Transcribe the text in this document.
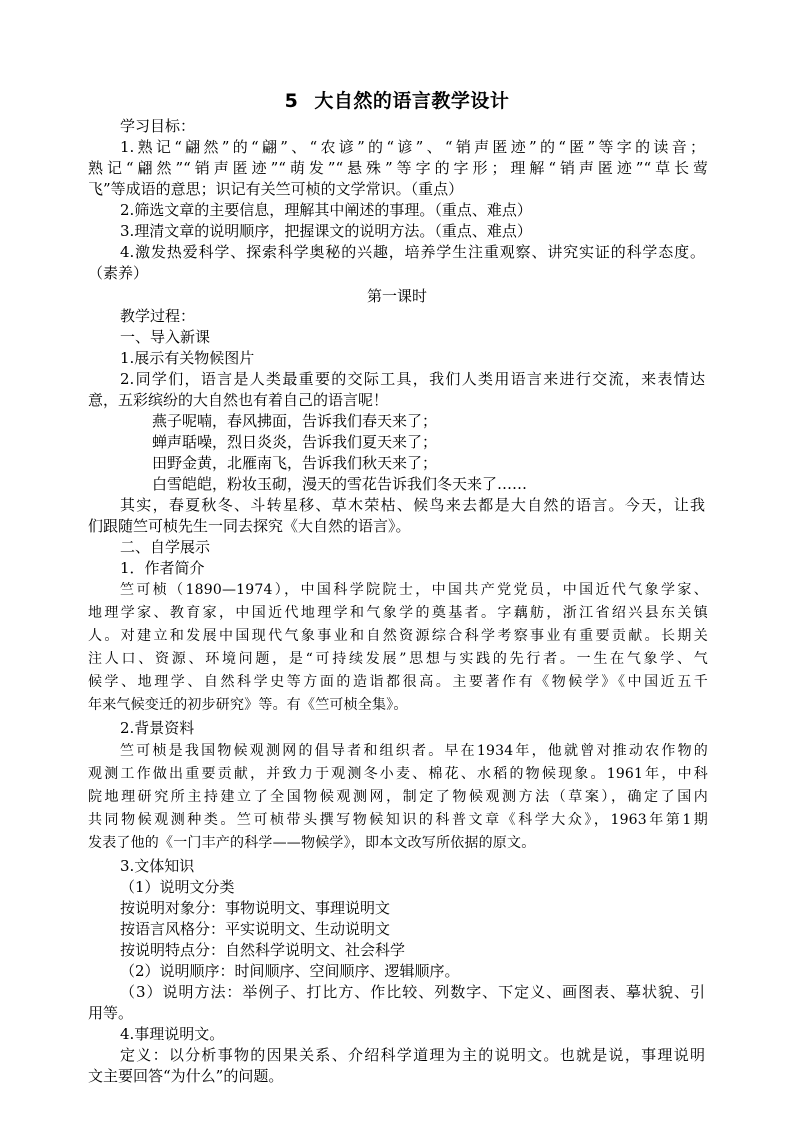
5 大自然的语言教学设计
学习目标：
1.熟记“翩然”的“翩”、“农谚”的“谚”、“销声匿迹”的“匿”等字的读音；
熟记“翩然”“销声匿迹”“萌发”“悬殊”等字的字形；理解“销声匿迹”“草长莺
飞”等成语的意思；识记有关竺可桢的文学常识。（重点）
2.筛选文章的主要信息，理解其中阐述的事理。（重点、难点）
3.理清文章的说明顺序，把握课文的说明方法。（重点、难点）
4.激发热爱科学、探索科学奥秘的兴趣，培养学生注重观察、讲究实证的科学态度。
（素养）
第一课时
教学过程：
一、导入新课
1.展示有关物候图片
2.同学们，语言是人类最重要的交际工具，我们人类用语言来进行交流，来表情达
意，五彩缤纷的大自然也有着自己的语言呢！
燕子呢喃，春风拂面，告诉我们春天来了；
蝉声聒噪，烈日炎炎，告诉我们夏天来了；
田野金黄，北雁南飞，告诉我们秋天来了；
白雪皑皑，粉妆玉砌，漫天的雪花告诉我们冬天来了……
其实，春夏秋冬、斗转星移、草木荣枯、候鸟来去都是大自然的语言。今天，让我
们跟随竺可桢先生一同去探究《大自然的语言》。
二、自学展示
1．作者简介
竺可桢（1890—1974），中国科学院院士，中国共产党党员，中国近代气象学家、
地理学家、教育家，中国近代地理学和气象学的奠基者。字藕舫，浙江省绍兴县东关镇
人。对建立和发展中国现代气象事业和自然资源综合科学考察事业有重要贡献。长期关
注人口、资源、环境问题，是“可持续发展”思想与实践的先行者。一生在气象学、气
候学、地理学、自然科学史等方面的造诣都很高。主要著作有《物候学》《中国近五千
年来气候变迁的初步研究》等。有《竺可桢全集》。
2.背景资料
竺可桢是我国物候观测网的倡导者和组织者。早在1934年，他就曾对推动农作物的
观测工作做出重要贡献，并致力于观测冬小麦、棉花、水稻的物候现象。1961年，中科
院地理研究所主持建立了全国物候观测网，制定了物候观测方法（草案），确定了国内
共同物候观测种类。竺可桢带头撰写物候知识的科普文章《科学大众》，1963年第1期
发表了他的《一门丰产的科学——物候学》，即本文改写所依据的原文。
3.文体知识
（1）说明文分类
按说明对象分：事物说明文、事理说明文
按语言风格分：平实说明文、生动说明文
按说明特点分：自然科学说明文、社会科学
（2）说明顺序：时间顺序、空间顺序、逻辑顺序。
（3）说明方法：举例子、打比方、作比较、列数字、下定义、画图表、摹状貌、引
用等。
4.事理说明文。
定义：以分析事物的因果关系、介绍科学道理为主的说明文。也就是说，事理说明
文主要回答“为什么”的问题。
